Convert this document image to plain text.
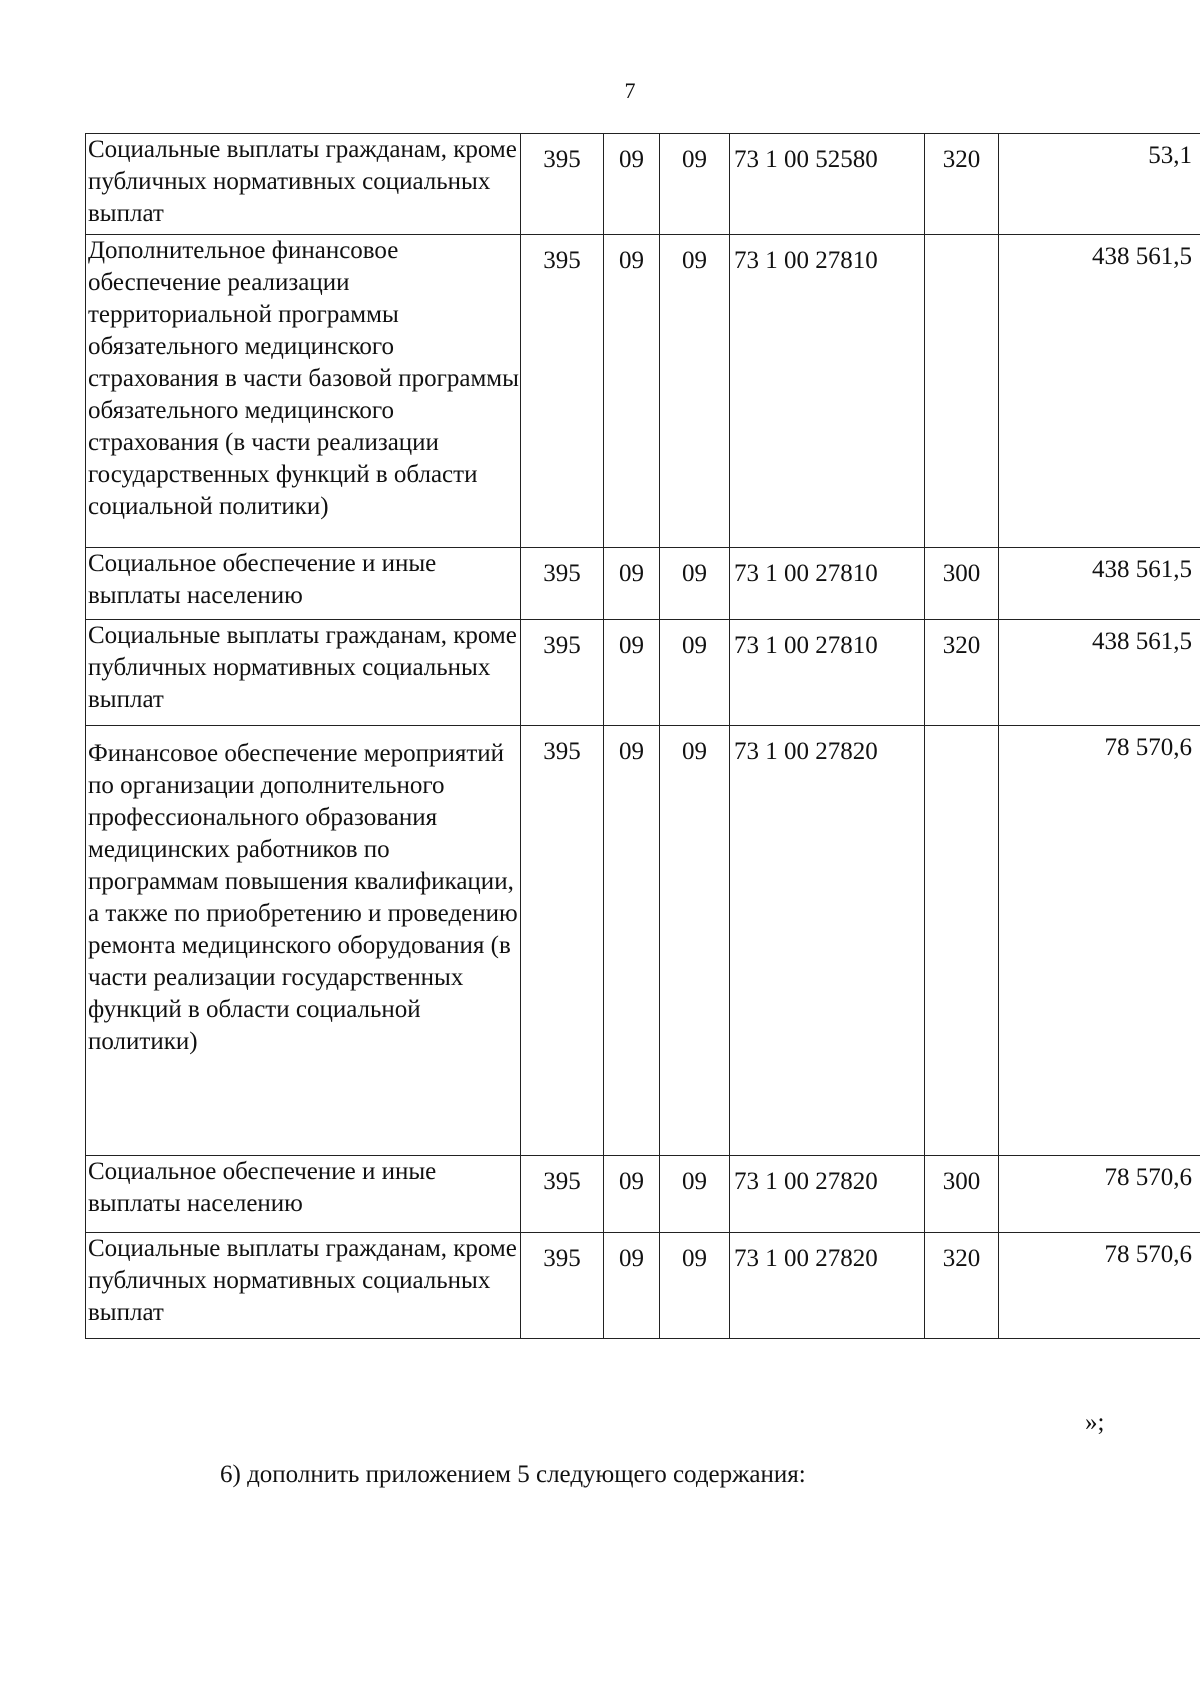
7
Социальные выплаты гражданам, кроме публичных нормативных социальных выплат	395	09	09	73 1 00 52580	320	53,1
Дополнительное финансовое обеспечение реализации территориальной программы обязательного медицинского страхования в части базовой программы обязательного медицинского страхования (в части реализации государственных функций в области социальной политики)	395	09	09	73 1 00 27810		438 561,5
Социальное обеспечение и иные выплаты населению	395	09	09	73 1 00 27810	300	438 561,5
Социальные выплаты гражданам, кроме публичных нормативных социальных выплат	395	09	09	73 1 00 27810	320	438 561,5
Финансовое обеспечение мероприятий по организации дополнительного профессионального образования медицинских работников по программам повышения квалификации, а также по приобретению и проведению ремонта медицинского оборудования (в части реализации государственных функций в области социальной политики)	395	09	09	73 1 00 27820		78 570,6
Социальное обеспечение и иные выплаты населению	395	09	09	73 1 00 27820	300	78 570,6
Социальные выплаты гражданам, кроме публичных нормативных социальных выплат	395	09	09	73 1 00 27820	320	78 570,6
»;
6) дополнить приложением 5 следующего содержания:
